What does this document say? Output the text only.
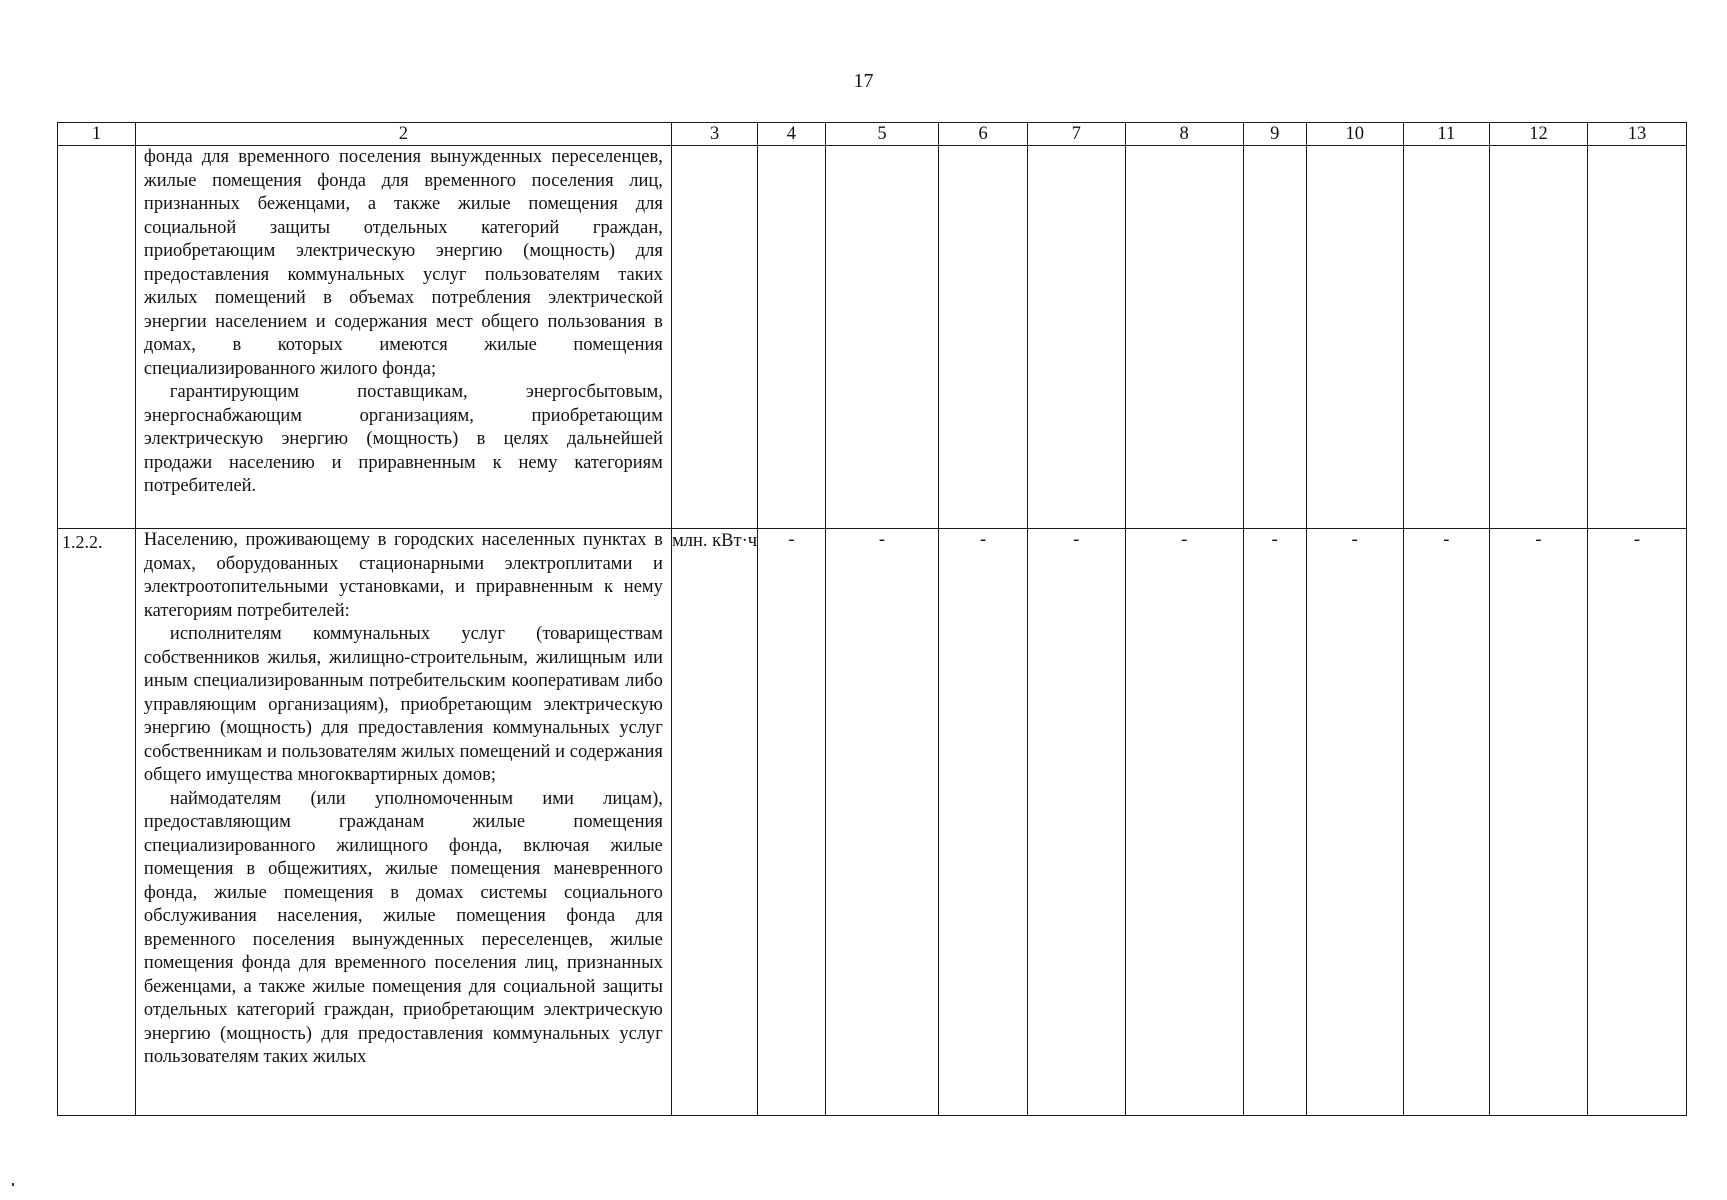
17
1	2	3	4	5	6	7	8	9	10	11	12	13

	фонда для временного поселения вынужденных переселенцев, жилые помещения фонда для временного поселения лиц, признанных беженцами, а также жилые помещения для социальной защиты отдельных категорий граждан, приобретающим электрическую энергию (мощность) для предоставления коммунальных услуг пользователям таких жилых помещений в объемах потребления электрической энергии населением и содержания мест общего пользования в домах, в которых имеются жилые помещения специализированного жилого фонда;

гарантирующим поставщикам, энергосбытовым, энергоснабжающим организациям, приобретающим электрическую энергию (мощность) в целях дальнейшей продажи населению и приравненным к нему категориям потребителей.											

1.2.2.	Населению, проживающему в городских населенных пунктах в домах, оборудованных стационарными электроплитами и электроотопительными установками, и приравненным к нему категориям потребителей:

исполнителям коммунальных услуг (товариществам собственников жилья, жилищно-строительным, жилищным или иным специализированным потребительским кооперативам либо управляющим организациям), приобретающим электрическую энергию (мощность) для предоставления коммунальных услуг собственникам и пользователям жилых помещений и содержания общего имущества многоквартирных домов;

наймодателям (или уполномоченным ими лицам), предоставляющим гражданам жилые помещения специализированного жилищного фонда, включая жилые помещения в общежитиях, жилые помещения маневренного фонда, жилые помещения в домах системы социального обслуживания населения, жилые помещения фонда для временного поселения вынужденных переселенцев, жилые помещения фонда для временного поселения лиц, признанных беженцами, а также жилые помещения для социальной защиты отдельных категорий граждан, приобретающим электрическую энергию (мощность) для предоставления коммунальных услуг пользователям таких жилых	млн. кВт·ч	-	-	-	-	-	-	-	-	-	-
